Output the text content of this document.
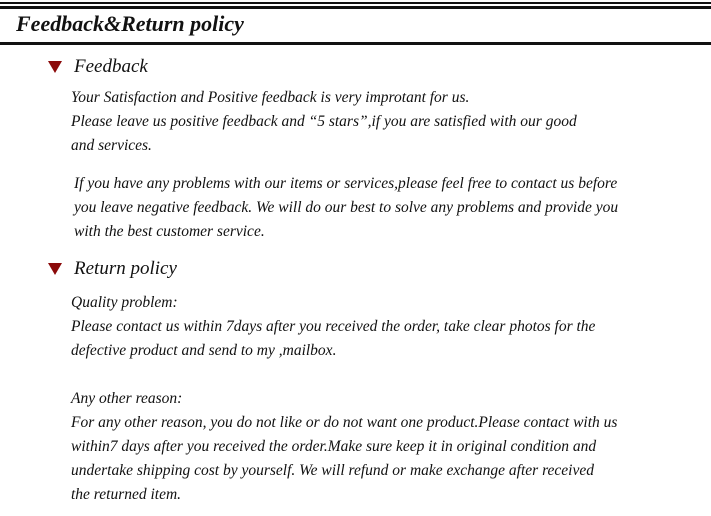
Feedback&Return policy
Feedback
Your Satisfaction and Positive feedback is very improtant for us.
Please leave us positive feedback and “5 stars”,if you are satisfied with our good
and services.
If you have any problems with our items or services,please feel free to contact us before
you leave negative feedback. We will do our best to solve any problems and provide you
with the best customer service.
Return policy
Quality problem:
Please contact us within 7days after you received the order, take clear photos for the
defective product and send to my ,mailbox.
Any other reason:
For any other reason, you do not like or do not want one product.Please contact with us
within7 days after you received the order.Make sure keep it in original condition and
undertake shipping cost by yourself. We will refund or make exchange after received
the returned item.
